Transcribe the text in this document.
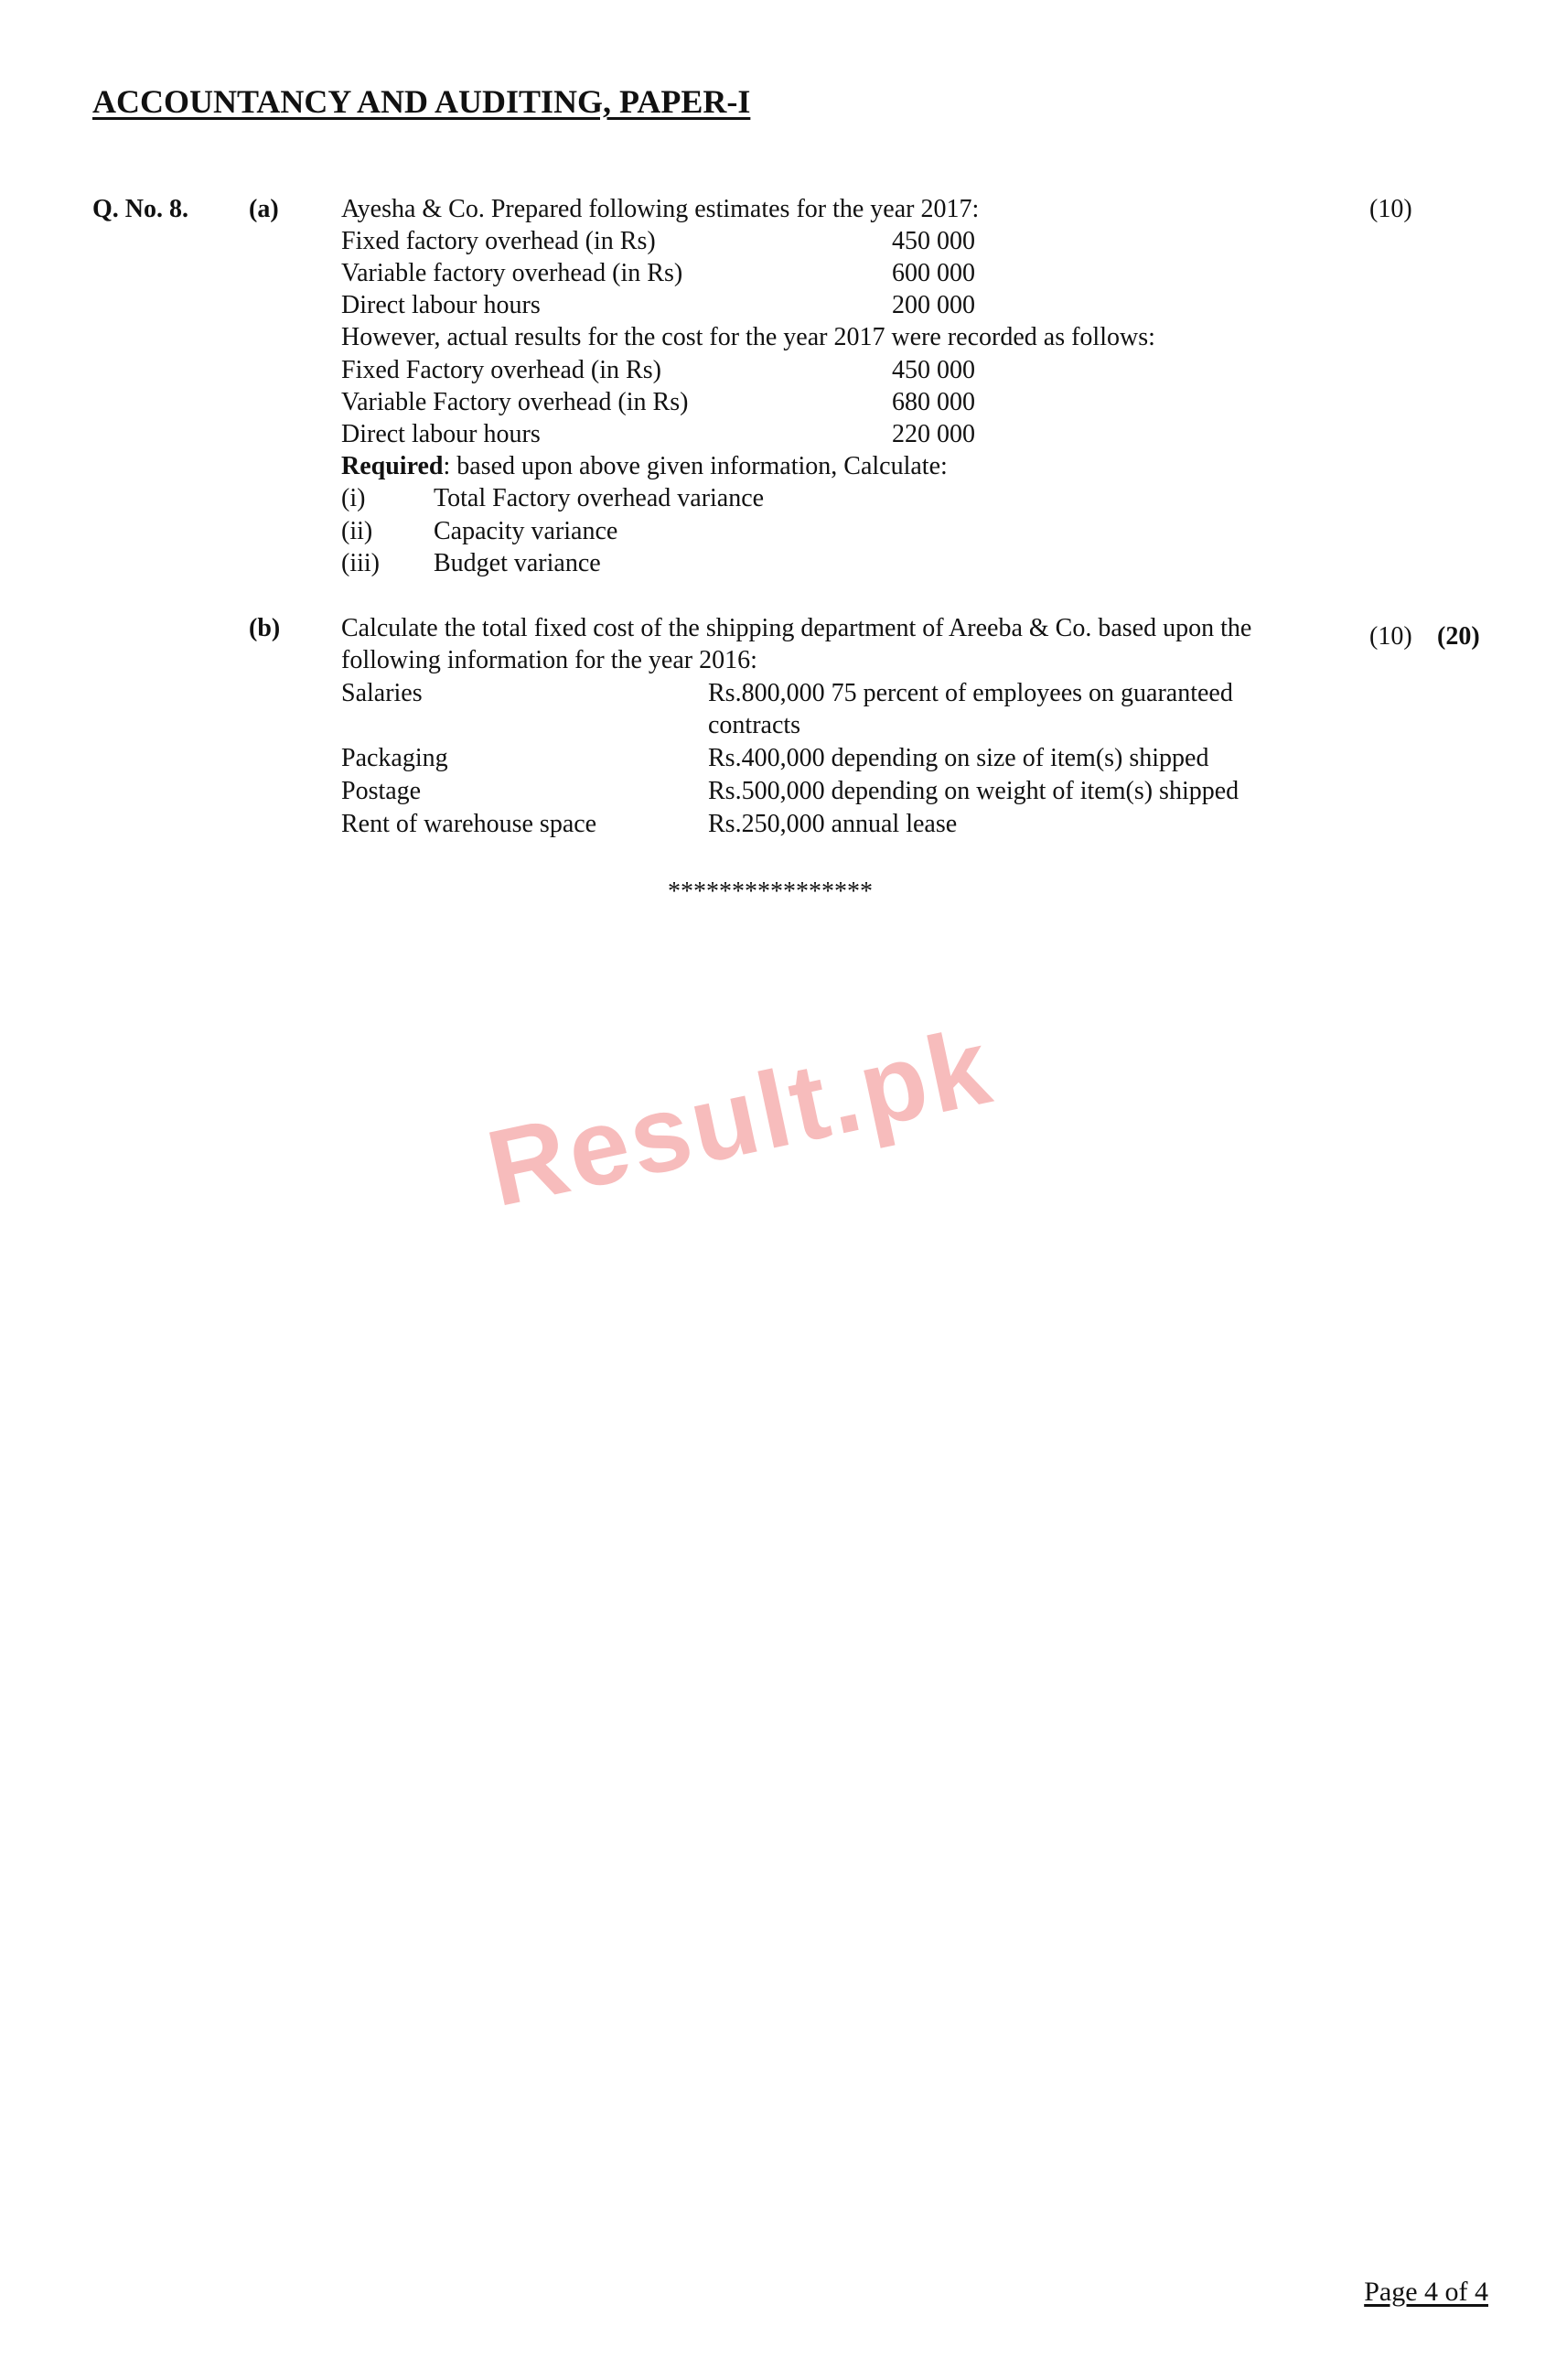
ACCOUNTANCY AND AUDITING, PAPER-I
Q. No. 8. (a) Ayesha & Co. Prepared following estimates for the year 2017:	(10)
Fixed factory overhead (in Rs)	450 000
Variable factory overhead (in Rs)	600 000
Direct labour hours	200 000
However, actual results for the cost for the year 2017 were recorded as follows:
Fixed Factory overhead (in Rs)	450 000
Variable Factory overhead (in Rs)	680 000
Direct labour hours	220 000
Required: based upon above given information, Calculate:
(i)	Total Factory overhead variance
(ii) Capacity variance
(iii) Budget variance
(b) Calculate the total fixed cost of the shipping department of Areeba & Co. based upon the	(10) (20)
following information for the year 2016:
Salaries	Rs.800,000 75 percent of employees on guaranteed
contracts
Packaging	Rs.400,000 depending on size of item(s) shipped
Postage	Rs.500,000 depending on weight of item(s) shipped
Rent of warehouse space	Rs.250,000 annual lease
****************
Result.pk
Page 4 of 4
